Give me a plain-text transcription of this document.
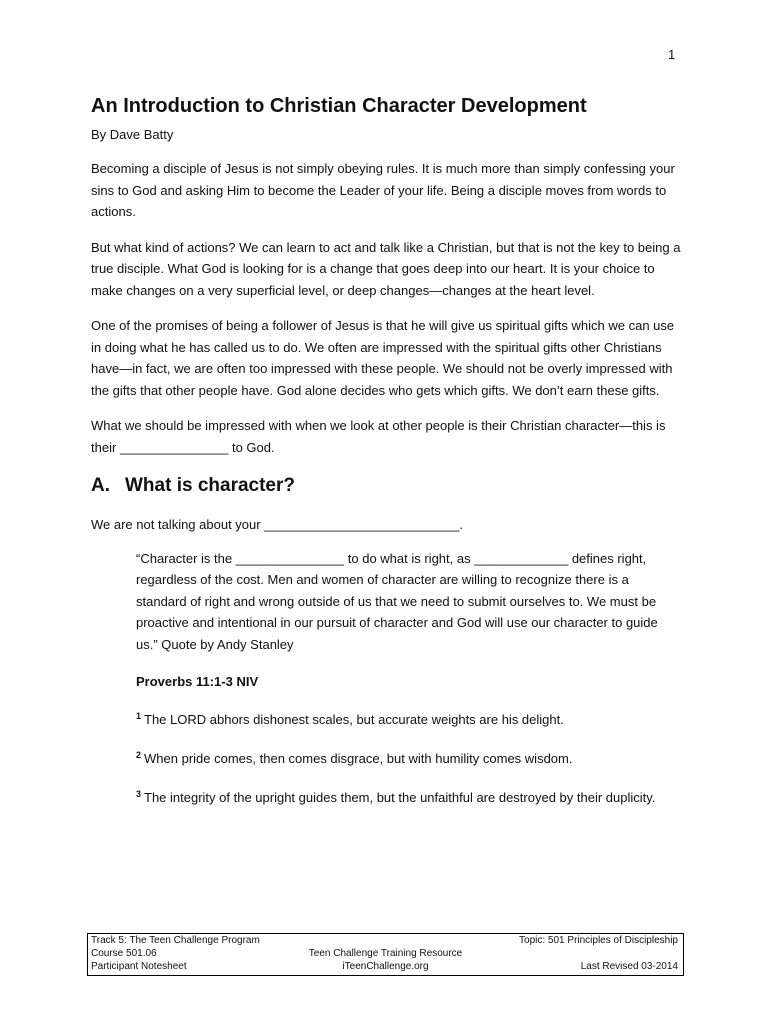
1
An Introduction to Christian Character Development
By Dave Batty

Becoming a disciple of Jesus is not simply obeying rules. It is much more than simply confessing your sins to God and asking Him to become the Leader of your life. Being a disciple moves from words to actions.

But what kind of actions? We can learn to act and talk like a Christian, but that is not the key to being a true disciple. What God is looking for is a change that goes deep into our heart. It is your choice to make changes on a very superficial level, or deep changes—changes at the heart level.

One of the promises of being a follower of Jesus is that he will give us spiritual gifts which we can use in doing what he has called us to do. We often are impressed with the spiritual gifts other Christians have—in fact, we are often too impressed with these people. We should not be overly impressed with the gifts that other people have. God alone decides who gets which gifts. We don’t earn these gifts.

What we should be impressed with when we look at other people is their Christian character—this is their _______________ to God.

A. What is character?

We are not talking about your ___________________________.

“Character is the _______________ to do what is right, as _____________ defines right, regardless of the cost. Men and women of character are willing to recognize there is a standard of right and wrong outside of us that we need to submit ourselves to. We must be proactive and intentional in our pursuit of character and God will use our character to guide us.” Quote by Andy Stanley

Proverbs 11:1-3 NIV
$^1$ The LORD abhors dishonest scales, but accurate weights are his delight.
$^2$ When pride comes, then comes disgrace, but with humility comes wisdom.
$^3$ The integrity of the upright guides them, but the unfaithful are destroyed by their duplicity.
Track 5: The Teen Challenge Program	Topic: 501 Principles of Discipleship
Course 501.06	Teen Challenge Training Resource
Participant Notesheet	iTeenChallenge.org	Last Revised 03-2014
